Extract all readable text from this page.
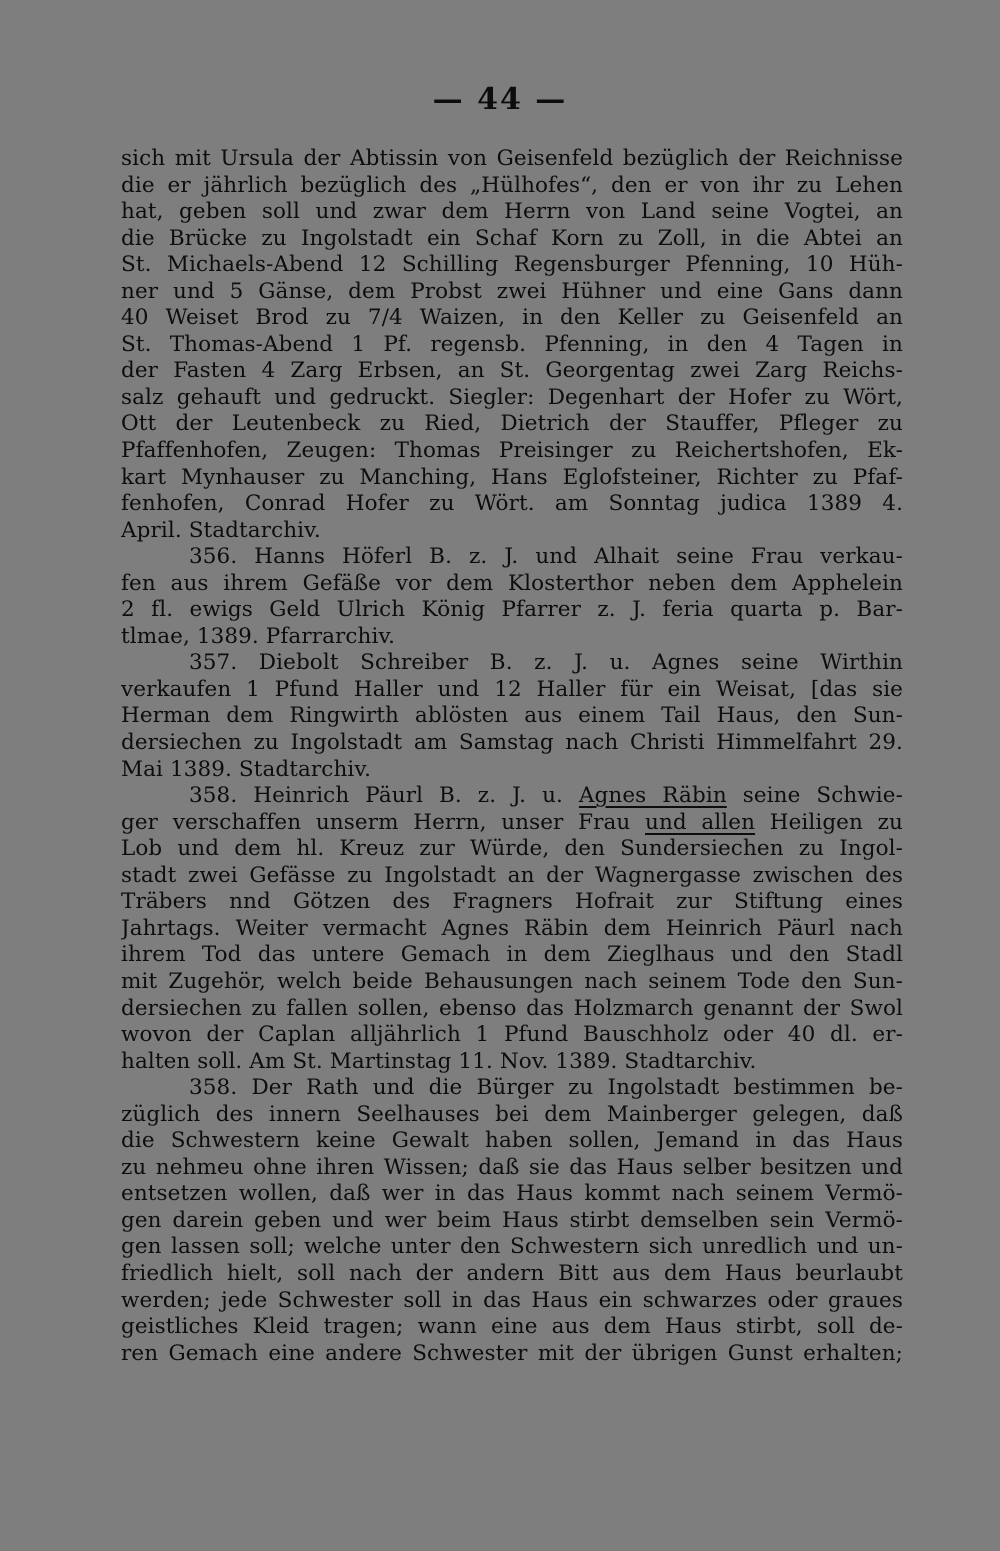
— 44 —
sich mit Ursula der Abtissin von Geisenfeld bezüglich der Reichnisse
die er jährlich bezüglich des „Hülhofes“, den er von ihr zu Lehen
hat, geben soll und zwar dem Herrn von Land seine Vogtei, an
die Brücke zu Ingolstadt ein Schaf Korn zu Zoll, in die Abtei an
St. Michaels-Abend 12 Schilling Regensburger Pfenning, 10 Hüh-
ner und 5 Gänse, dem Probst zwei Hühner und eine Gans dann
40 Weiset Brod zu 7/4 Waizen, in den Keller zu Geisenfeld an
St. Thomas-Abend 1 Pf. regensb. Pfenning, in den 4 Tagen in
der Fasten 4 Zarg Erbsen, an St. Georgentag zwei Zarg Reichs-
salz gehauft und gedruckt. Siegler: Degenhart der Hofer zu Wört,
Ott der Leutenbeck zu Ried, Dietrich der Stauffer, Pfleger zu
Pfaffenhofen, Zeugen: Thomas Preisinger zu Reichertshofen, Ek-
kart Mynhauser zu Manching, Hans Eglofsteiner, Richter zu Pfaf-
fenhofen, Conrad Hofer zu Wört. am Sonntag judica 1389 4.
April. Stadtarchiv.
356. Hanns Höferl B. z. J. und Alhait seine Frau verkau-
fen aus ihrem Gefäße vor dem Klosterthor neben dem Apphelein
2 fl. ewigs Geld Ulrich König Pfarrer z. J. feria quarta p. Bar-
tlmae, 1389. Pfarrarchiv.
357. Diebolt Schreiber B. z. J. u. Agnes seine Wirthin
verkaufen 1 Pfund Haller und 12 Haller für ein Weisat, [das sie
Herman dem Ringwirth ablösten aus einem Tail Haus, den Sun-
dersiechen zu Ingolstadt am Samstag nach Christi Himmelfahrt 29.
Mai 1389. Stadtarchiv.
358. Heinrich Päurl B. z. J. u. Agnes Räbin seine Schwie-
ger verschaffen unserm Herrn, unser Frau und allen Heiligen zu
Lob und dem hl. Kreuz zur Würde, den Sundersiechen zu Ingol-
stadt zwei Gefässe zu Ingolstadt an der Wagnergasse zwischen des
Träbers nnd Götzen des Fragners Hofrait zur Stiftung eines
Jahrtags. Weiter vermacht Agnes Räbin dem Heinrich Päurl nach
ihrem Tod das untere Gemach in dem Zieglhaus und den Stadl
mit Zugehör, welch beide Behausungen nach seinem Tode den Sun-
dersiechen zu fallen sollen, ebenso das Holzmarch genannt der Swol
wovon der Caplan alljährlich 1 Pfund Bauschholz oder 40 dl. er-
halten soll. Am St. Martinstag 11. Nov. 1389. Stadtarchiv.
358. Der Rath und die Bürger zu Ingolstadt bestimmen be-
züglich des innern Seelhauses bei dem Mainberger gelegen, daß
die Schwestern keine Gewalt haben sollen, Jemand in das Haus
zu nehmeu ohne ihren Wissen; daß sie das Haus selber besitzen und
entsetzen wollen, daß wer in das Haus kommt nach seinem Vermö-
gen darein geben und wer beim Haus stirbt demselben sein Vermö-
gen lassen soll; welche unter den Schwestern sich unredlich und un-
friedlich hielt, soll nach der andern Bitt aus dem Haus beurlaubt
werden; jede Schwester soll in das Haus ein schwarzes oder graues
geistliches Kleid tragen; wann eine aus dem Haus stirbt, soll de-
ren Gemach eine andere Schwester mit der übrigen Gunst erhalten;
